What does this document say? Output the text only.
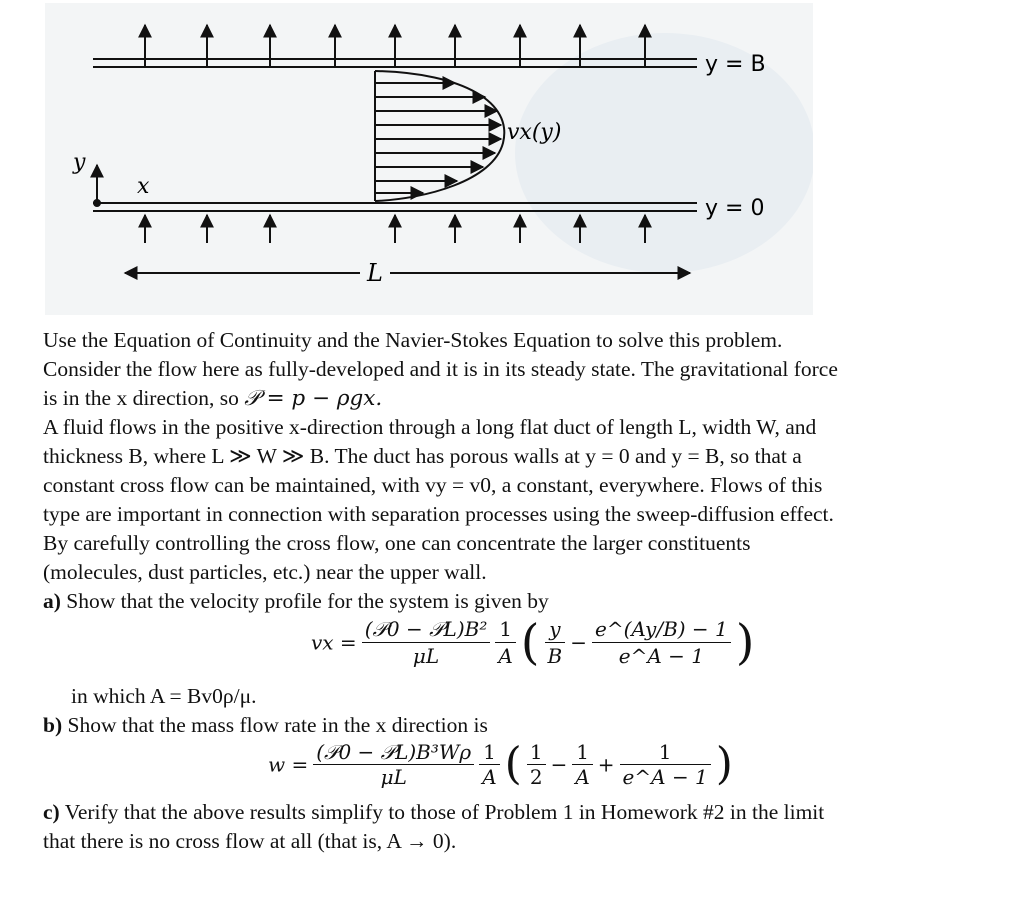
y = B
y = 0
vx(y)
y
x
L

Use the Equation of Continuity and the Navier-Stokes Equation to solve this problem.

Consider the flow here as fully-developed and it is in its steady state. The gravitational force

is in the x direction, so 𝒫 = p − ρgx.

A fluid flows in the positive x-direction through a long flat duct of length L, width W, and

thickness B, where L ≫ W ≫ B. The duct has porous walls at y = 0 and y = B, so that a

constant cross flow can be maintained, with vy = v0, a constant, everywhere. Flows of this

type are important in connection with separation processes using the sweep-diffusion effect.

By carefully controlling the cross flow, one can concentrate the larger constituents

(molecules, dust particles, etc.) near the upper wall.

a) Show that the velocity profile for the system is given by

vx = $\frac{\text{(𝒫0 − 𝒫L)B²}}{\mu L}$
$\frac{1}{A}$ ( $\frac{y}{B} - \frac{e\^{}(Ay/B) - 1}{e\^{}A - 1}$ )

in which A = Bv0ρ/μ.

b) Show that the mass flow rate in the x direction is

$w = \frac{\text{(𝒫0 − 𝒫L)B³Wρ}}{\mu L}$
$\frac{1}{A}$ ( $\frac{1}{2} - \frac{1}{A} + \frac{1}{e\^{}A - 1}$ )

c) Verify that the above results simplify to those of Problem 1 in Homework #2 in the limit

that there is no cross flow at all (that is, A → 0).
